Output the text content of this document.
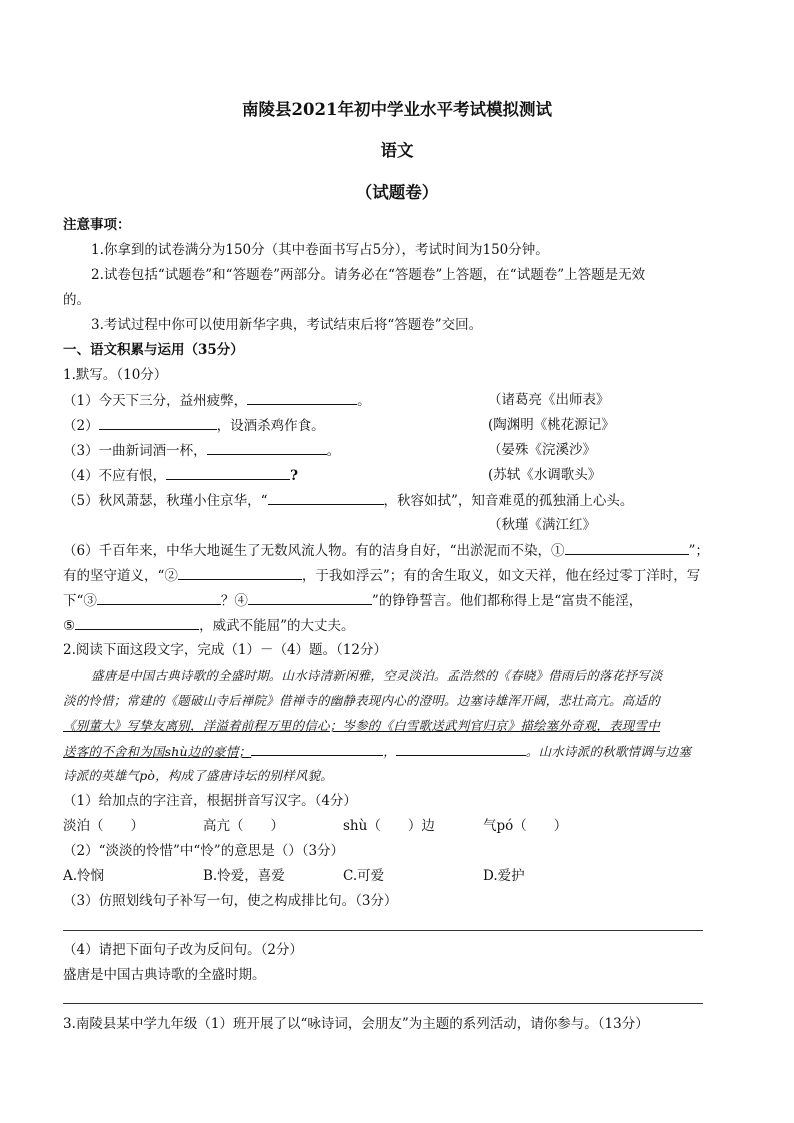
南陵县2021年初中学业水平考试模拟测试
语文
（试题卷）
注意事项：
1.你拿到的试卷满分为150分（其中卷面书写占5分），考试时间为150分钟。
2.试卷包括“试题卷”和“答题卷”两部分。请务必在“答题卷”上答题，在“试题卷”上答题是无效
的。
3.考试过程中你可以使用新华字典，考试结束后将“答题卷”交回。
一、语文积累与运用（35分）
1.默写。（10分）
（1）今天下三分，益州疲弊，	。	（诸葛亮《出师表》
（2）	，设酒杀鸡作食。	(陶渊明《桃花源记》
（3）一曲新词酒一杯，	。	（晏殊《浣溪沙》
（4）不应有恨，	?	(苏轼《水调歌头》
（5）秋风萧瑟，秋瑾小住京华，“	，秋容如拭”，知音难觅的孤独涌上心头。
（秋瑾《满江红》
（6）千百年来，中华大地诞生了无数风流人物。有的洁身自好，“出淤泥而不染，①	”；
有的坚守道义，“②	，于我如浮云”；有的舍生取义，如文天祥，他在经过零丁洋时，写
下“③	？④	”的铮铮誓言。他们都称得上是“富贵不能淫，
⑤	，威武不能屈”的大丈夫。
2.阅读下面这段文字，完成（1）－（4）题。（12分）
盛唐是中国古典诗歌的全盛时期。山水诗清新闲雅，空灵淡泊。孟浩然的《春晓》借雨后的落花抒写淡
淡的怜惜；常建的《题破山寺后禅院》借禅寺的幽静表现内心的澄明。边塞诗雄浑开阔，悲壮高亢。高适的
《别董大》写挚友离别，洋溢着前程万里的信心；岑参的《白雪歌送武判官归京》描绘塞外奇观，表现雪中
送客的不舍和为国shù边的豪情；	，	。山水诗派的秋歌情调与边塞
诗派的英雄气pò，构成了盛唐诗坛的别样风貌。
（1）给加点的字注音，根据拼音写汉字。（4分）
淡泊（　　）	高亢（　　）	shù（　　）边	气pó（　　）
（2）“淡淡的怜惜”中“怜”的意思是（）（3分）
A.怜悯	B.怜爱，喜爱	C.可爱	D.爱护
（3）仿照划线句子补写一句，使之构成排比句。（3分）
（4）请把下面句子改为反问句。（2分）
盛唐是中国古典诗歌的全盛时期。
3.南陵县某中学九年级（1）班开展了以“咏诗词，会朋友”为主题的系列活动，请你参与。（13分）
